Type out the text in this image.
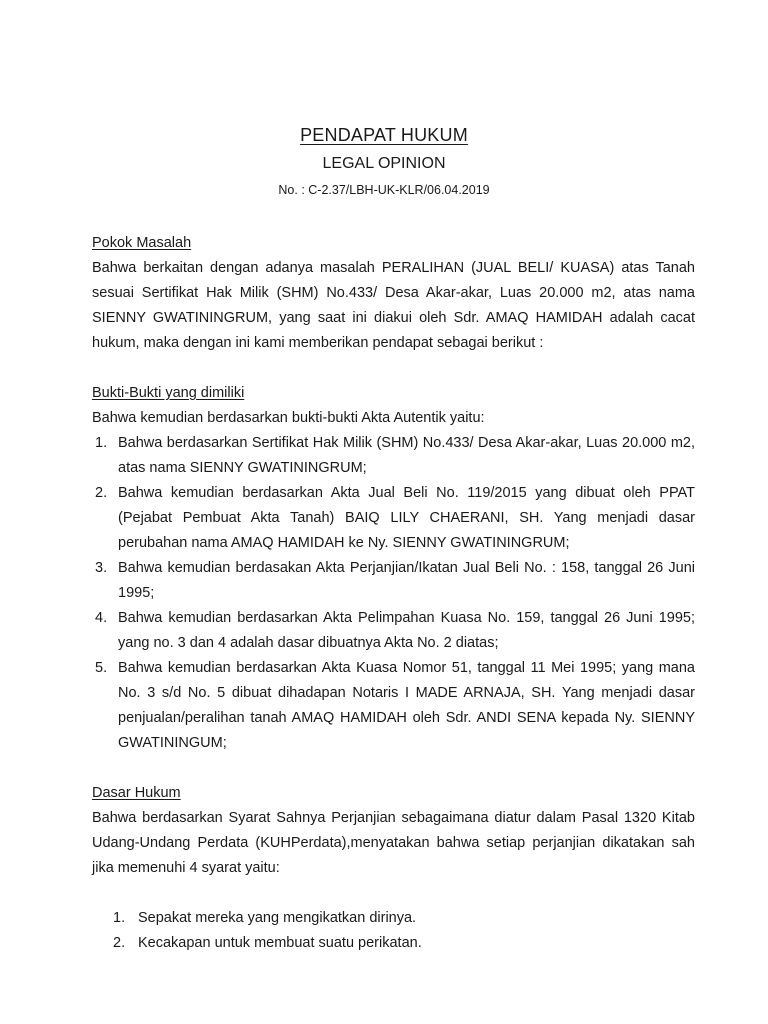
PENDAPAT HUKUM
LEGAL OPINION
No. : C-2.37/LBH-UK-KLR/06.04.2019
Pokok Masalah

Bahwa berkaitan dengan adanya masalah PERALIHAN (JUAL BELI/ KUASA) atas Tanah sesuai Sertifikat Hak Milik (SHM) No.433/ Desa Akar-akar, Luas 20.000 m2, atas nama SIENNY GWATININGRUM, yang saat ini diakui oleh Sdr. AMAQ HAMIDAH adalah cacat hukum, maka dengan ini kami memberikan pendapat sebagai berikut :

Bukti-Bukti yang dimiliki

Bahwa kemudian berdasarkan bukti-bukti Akta Autentik yaitu:

1. Bahwa berdasarkan Sertifikat Hak Milik (SHM) No.433/ Desa Akar-akar, Luas 20.000 m2, atas nama SIENNY GWATININGRUM;
2. Bahwa kemudian berdasarkan Akta Jual Beli No. 119/2015 yang dibuat oleh PPAT (Pejabat Pembuat Akta Tanah) BAIQ LILY CHAERANI, SH. Yang menjadi dasar perubahan nama AMAQ HAMIDAH ke Ny. SIENNY GWATININGRUM;
3. Bahwa kemudian berdasakan Akta Perjanjian/Ikatan Jual Beli No. : 158, tanggal 26 Juni 1995;
4. Bahwa kemudian berdasarkan Akta Pelimpahan Kuasa No. 159, tanggal 26 Juni 1995; yang no. 3 dan 4 adalah dasar dibuatnya Akta No. 2 diatas;
5. Bahwa kemudian berdasarkan Akta Kuasa Nomor 51, tanggal 11 Mei 1995; yang mana No. 3 s/d No. 5 dibuat dihadapan Notaris I MADE ARNAJA, SH. Yang menjadi dasar penjualan/peralihan tanah AMAQ HAMIDAH oleh Sdr. ANDI SENA kepada Ny. SIENNY GWATININGUM;
Dasar Hukum

Bahwa berdasarkan Syarat Sahnya Perjanjian sebagaimana diatur dalam Pasal 1320 Kitab Udang-Undang Perdata (KUHPerdata),menyatakan bahwa setiap perjanjian dikatakan sah jika memenuhi 4 syarat yaitu:

1. Sepakat mereka yang mengikatkan dirinya.
2. Kecakapan untuk membuat suatu perikatan.
